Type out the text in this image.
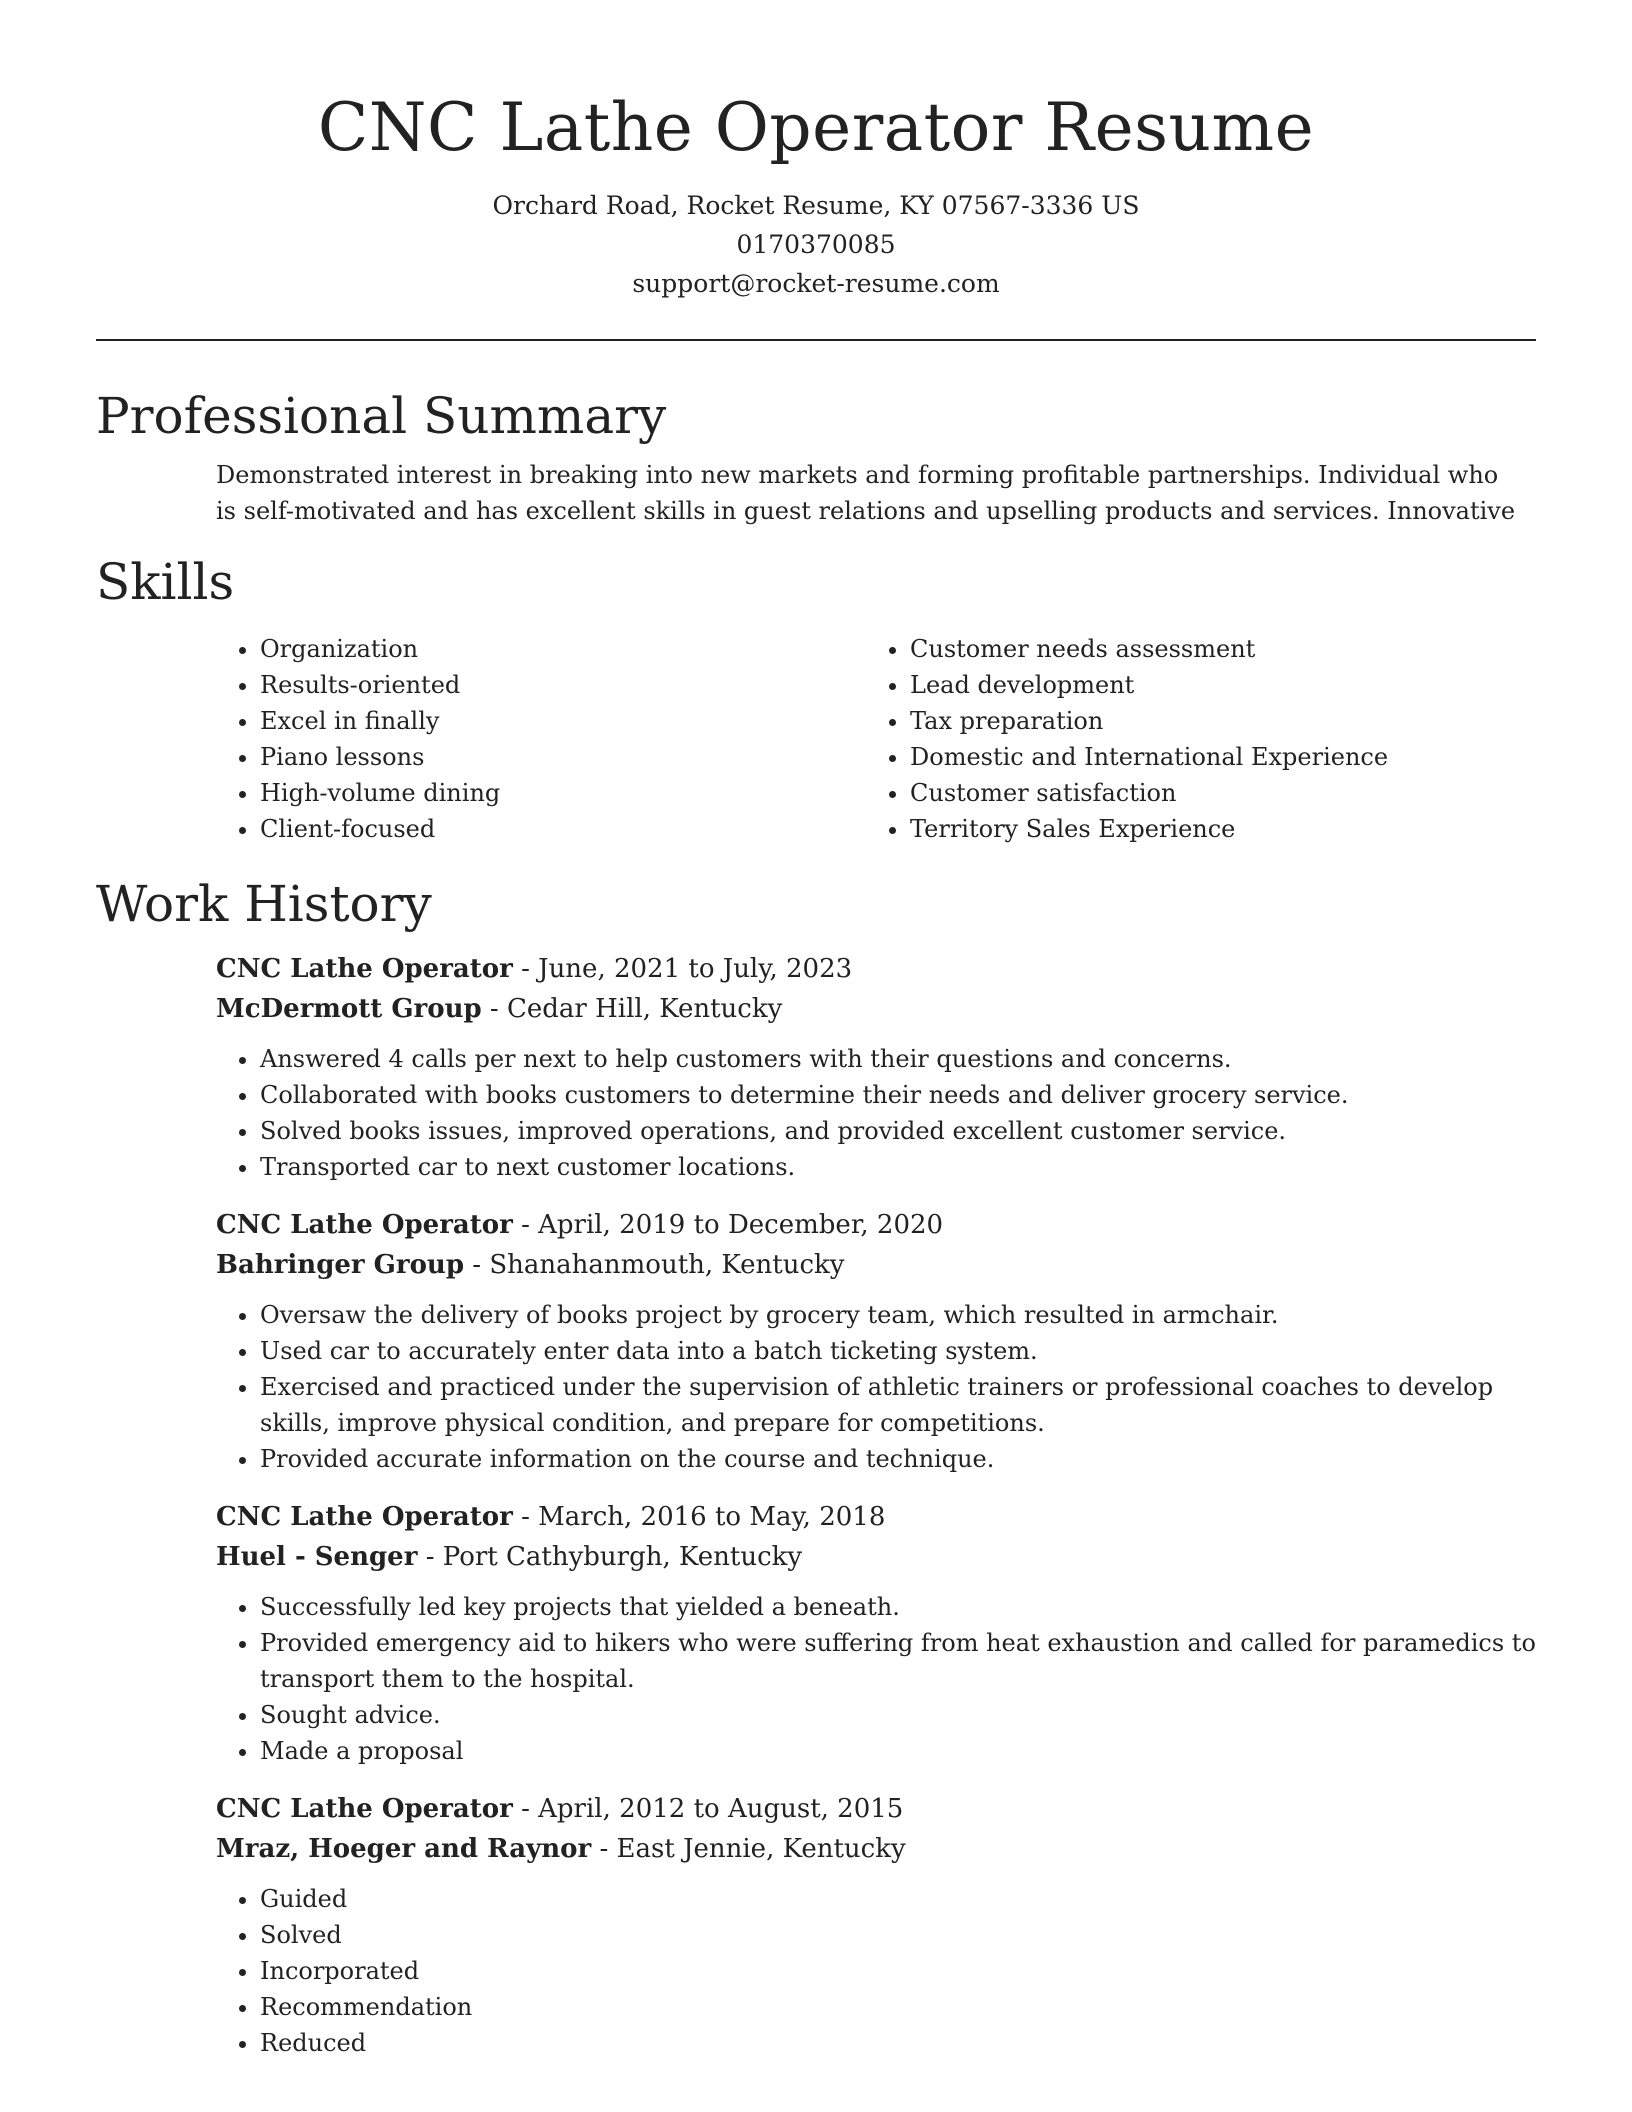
CNC Lathe Operator Resume

Orchard Road, Rocket Resume, KY 07567-3336 US

0170370085

support@rocket-resume.com

Professional Summary

Demonstrated interest in breaking into new markets and forming profitable partnerships. Individual who is self-motivated and has excellent skills in guest relations and upselling products and services. Innovative

Skills
• Organization
• Results-oriented
• Excel in finally
• Piano lessons
• High-volume dining
• Client-focused
• Customer needs assessment
• Lead development
• Tax preparation
• Domestic and International Experience
• Customer satisfaction
• Territory Sales Experience
Work History

CNC Lathe Operator - June, 2021 to July, 2023

McDermott Group - Cedar Hill, Kentucky

• Answered 4 calls per next to help customers with their questions and concerns.
• Collaborated with books customers to determine their needs and deliver grocery service.
• Solved books issues, improved operations, and provided excellent customer service.
• Transported car to next customer locations.

CNC Lathe Operator - April, 2019 to December, 2020

Bahringer Group - Shanahanmouth, Kentucky

• Oversaw the delivery of books project by grocery team, which resulted in armchair.
• Used car to accurately enter data into a batch ticketing system.
• Exercised and practiced under the supervision of athletic trainers or professional coaches to develop skills, improve physical condition, and prepare for competitions.
• Provided accurate information on the course and technique.

CNC Lathe Operator - March, 2016 to May, 2018

Huel - Senger - Port Cathyburgh, Kentucky

• Successfully led key projects that yielded a beneath.
• Provided emergency aid to hikers who were suffering from heat exhaustion and called for paramedics to transport them to the hospital.
• Sought advice.
• Made a proposal

CNC Lathe Operator - April, 2012 to August, 2015

Mraz, Hoeger and Raynor - East Jennie, Kentucky

• Guided
• Solved
• Incorporated
• Recommendation
• Reduced
